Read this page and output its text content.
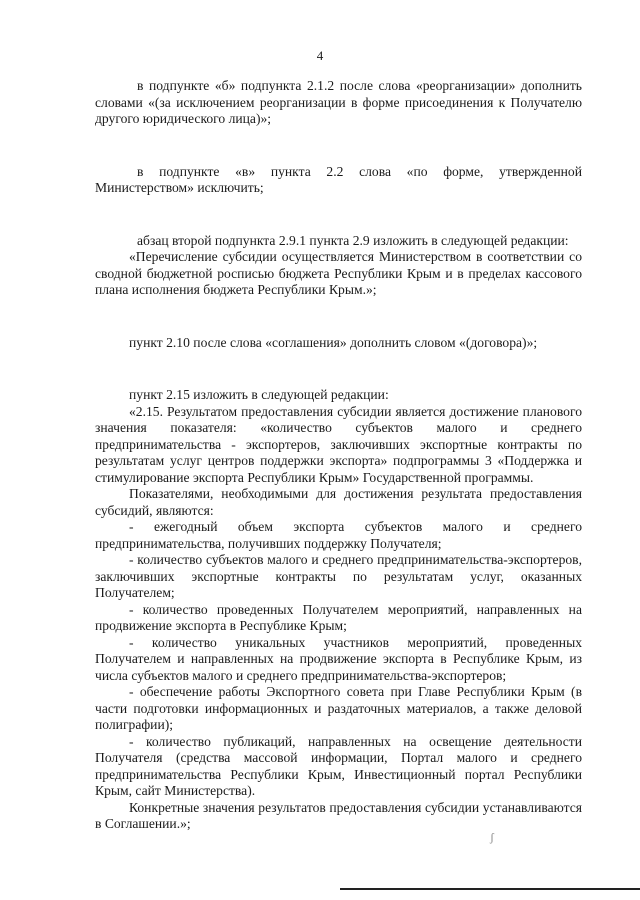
4

в подпункте «б» подпункта 2.1.2 после слова «реорганизации» дополнить словами «(за исключением реорганизации в форме присоединения к Получателю другого юридического лица)»;

в подпункте «в» пункта 2.2 слова «по форме, утвержденной Министерством» исключить;

абзац второй подпункта 2.9.1 пункта 2.9 изложить в следующей редакции:

«Перечисление субсидии осуществляется Министерством в соответствии со сводной бюджетной росписью бюджета Республики Крым и в пределах кассового плана исполнения бюджета Республики Крым.»;

пункт 2.10 после слова «соглашения» дополнить словом «(договора)»;

пункт 2.15 изложить в следующей редакции:

«2.15. Результатом предоставления субсидии является достижение планового значения показателя: «количество субъектов малого и среднего предпринимательства - экспортеров, заключивших экспортные контракты по результатам услуг центров поддержки экспорта» подпрограммы 3 «Поддержка и стимулирование экспорта Республики Крым» Государственной программы.

Показателями, необходимыми для достижения результата предоставления субсидий, являются:

- ежегодный объем экспорта субъектов малого и среднего предпринимательства, получивших поддержку Получателя;

- количество субъектов малого и среднего предпринимательства-экспортеров, заключивших экспортные контракты по результатам услуг, оказанных Получателем;

- количество проведенных Получателем мероприятий, направленных на продвижение экспорта в Республике Крым;

- количество уникальных участников мероприятий, проведенных Получателем и направленных на продвижение экспорта в Республике Крым, из числа субъектов малого и среднего предпринимательства-экспортеров;

- обеспечение работы Экспортного совета при Главе Республики Крым (в части подготовки информационных и раздаточных материалов, а также деловой полиграфии);

- количество публикаций, направленных на освещение деятельности Получателя (средства массовой информации, Портал малого и среднего предпринимательства Республики Крым, Инвестиционный портал Республики Крым, сайт Министерства).

Конкретные значения результатов предоставления субсидии устанавливаются в Соглашении.»;

ʃ
